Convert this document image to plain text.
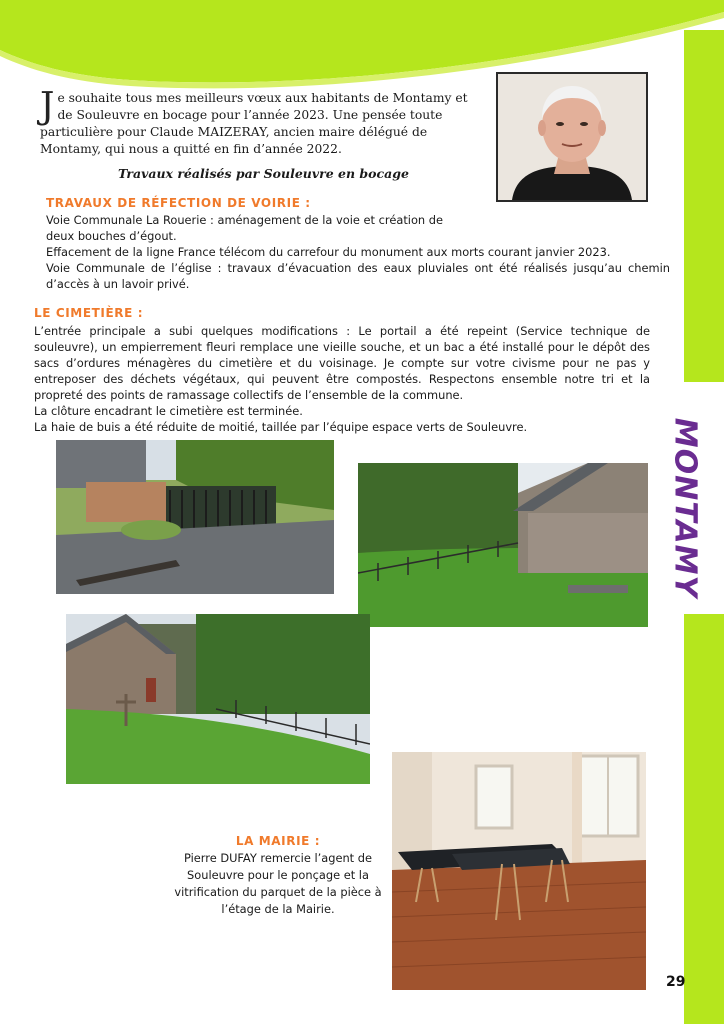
MONTAMY
Je souhaite tous mes meilleurs vœux aux habitants de Montamy et de Souleuvre en bocage pour l’année 2023. Une pensée toute particulière pour Claude MAIZERAY, ancien maire délégué de Montamy, qui nous a quitté en fin d’année 2022.
Travaux réalisés par Souleuvre en bocage
TRAVAUX DE RÉFECTION DE VOIRIE :

Voie Communale La Rouerie : aménagement de la voie et création de deux bouches d’égout.

Effacement de la ligne France télécom du carrefour du monument aux morts courant janvier 2023.

Voie Communale de l’église : travaux d’évacuation des eaux pluviales ont été réalisés jusqu’au chemin d’accès à un lavoir privé.

LE CIMETIÈRE :

L’entrée principale a subi quelques modifications : Le portail a été repeint (Service technique de souleuvre), un empierrement fleuri remplace une vieille souche, et un bac a été installé pour le dépôt des sacs d’ordures ménagères du cimetière et du voisinage. Je compte sur votre civisme pour ne pas y entreposer des déchets végétaux, qui peuvent être compostés. Respectons ensemble notre tri et la propreté des points de ramassage collectifs de l’ensemble de la commune.

La clôture encadrant le cimetière est terminée.

La haie de buis a été réduite de moitié, taillée par l’équipe espace verts de Souleuvre.

LA MAIRIE :

Pierre DUFAY remercie l’agent de Souleuvre pour le ponçage et la vitrification du parquet de la pièce à l’étage de la Mairie.

29
